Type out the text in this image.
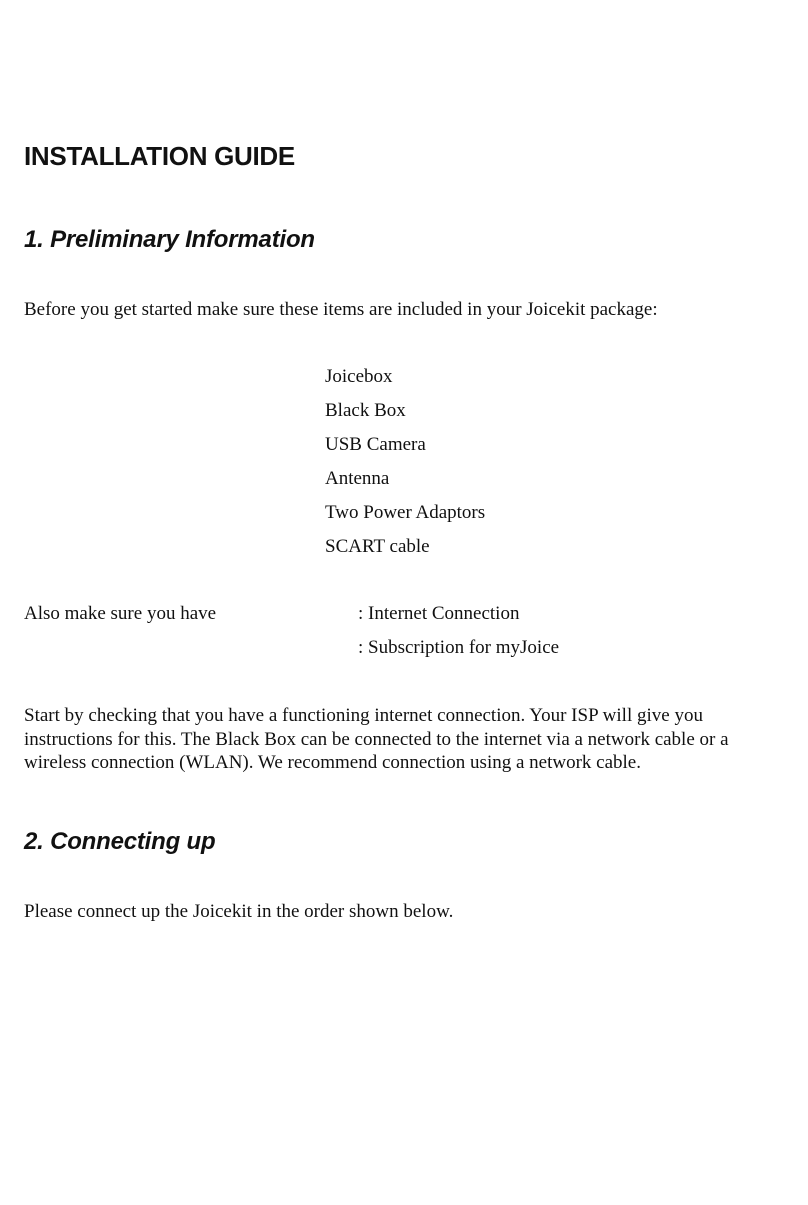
INSTALLATION GUIDE
1. Preliminary Information

Before you get started make sure these items are included in your Joicekit package:

Joicebox
Black Box
USB Camera
Antenna
Two Power Adaptors
SCART cable

Also make sure you have	: Internet Connection
: Subscription for myJoice
Start by checking that you have a functioning internet connection. Your ISP will give you
instructions for this. The Black Box can be connected to the internet via a network cable or a
wireless connection (WLAN). We recommend connection using a network cable.
2. Connecting up

Please connect up the Joicekit in the order shown below.
